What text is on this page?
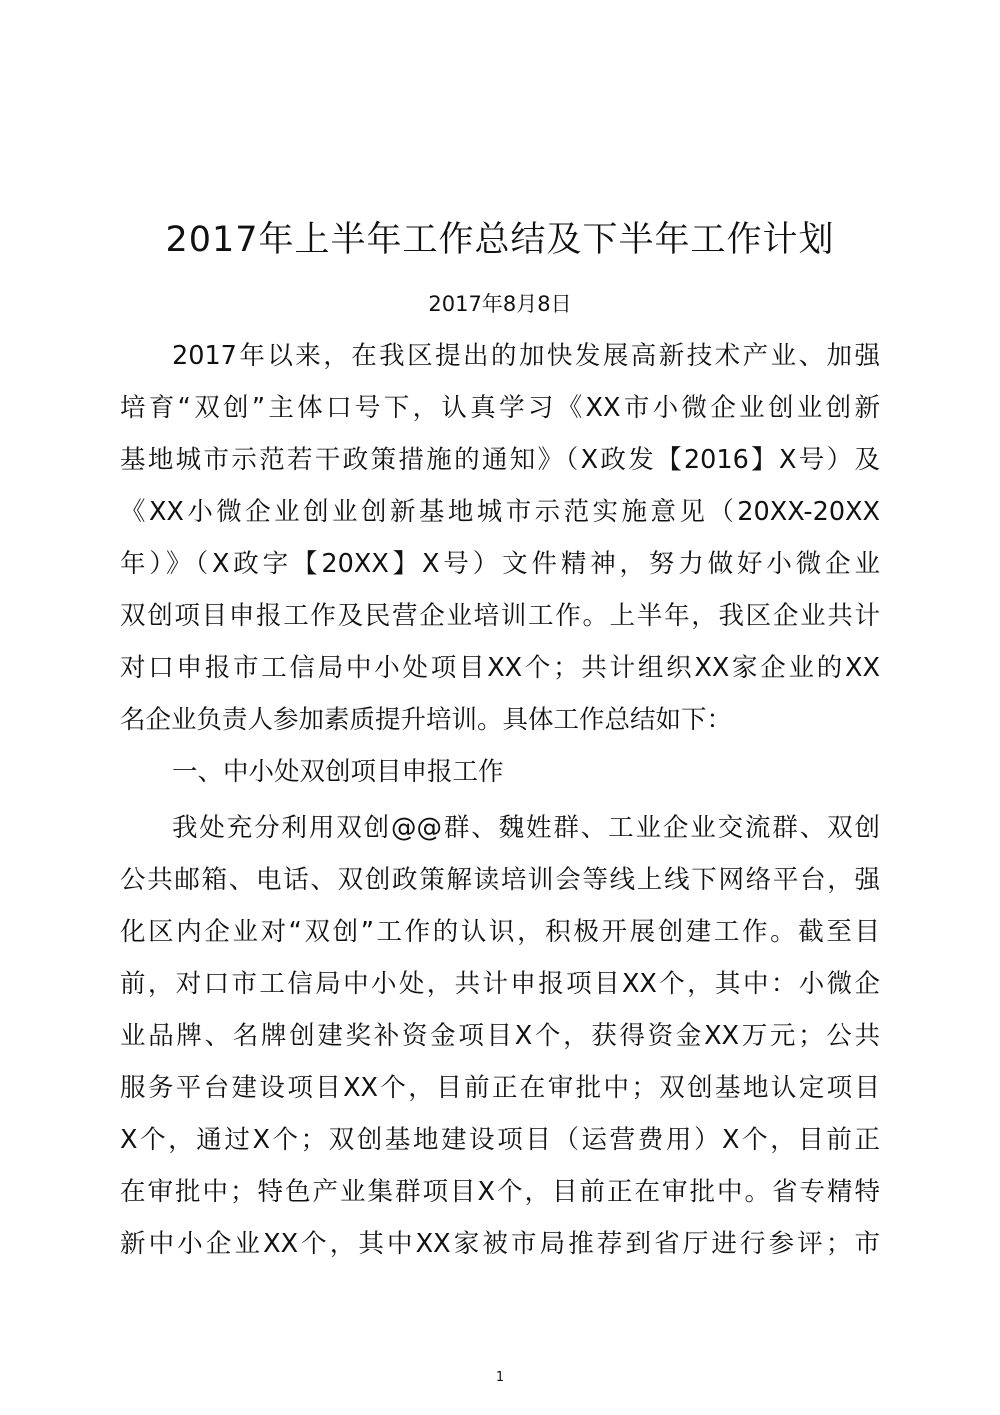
2017年上半年工作总结及下半年工作计划
2017年8月8日
2017年以来，在我区提出的加快发展高新技术产业、加强
培育“双创”主体口号下，认真学习《XX市小微企业创业创新
基地城市示范若干政策措施的通知》（X政发【2016】X号）及
《XX小微企业创业创新基地城市示范实施意见（20XX-20XX
年）》（X政字【20XX】X号）文件精神，努力做好小微企业
双创项目申报工作及民营企业培训工作。上半年，我区企业共计
对口申报市工信局中小处项目XX个；共计组织XX家企业的XX
名企业负责人参加素质提升培训。具体工作总结如下：
一、中小处双创项目申报工作
我处充分利用双创@@群、魏姓群、工业企业交流群、双创
公共邮箱、电话、双创政策解读培训会等线上线下网络平台，强
化区内企业对“双创”工作的认识，积极开展创建工作。截至目
前，对口市工信局中小处，共计申报项目XX个，其中：小微企
业品牌、名牌创建奖补资金项目X个，获得资金XX万元；公共
服务平台建设项目XX个，目前正在审批中；双创基地认定项目
X个，通过X个；双创基地建设项目（运营费用）X个，目前正
在审批中；特色产业集群项目X个，目前正在审批中。省专精特
新中小企业XX个，其中XX家被市局推荐到省厅进行参评；市
1
